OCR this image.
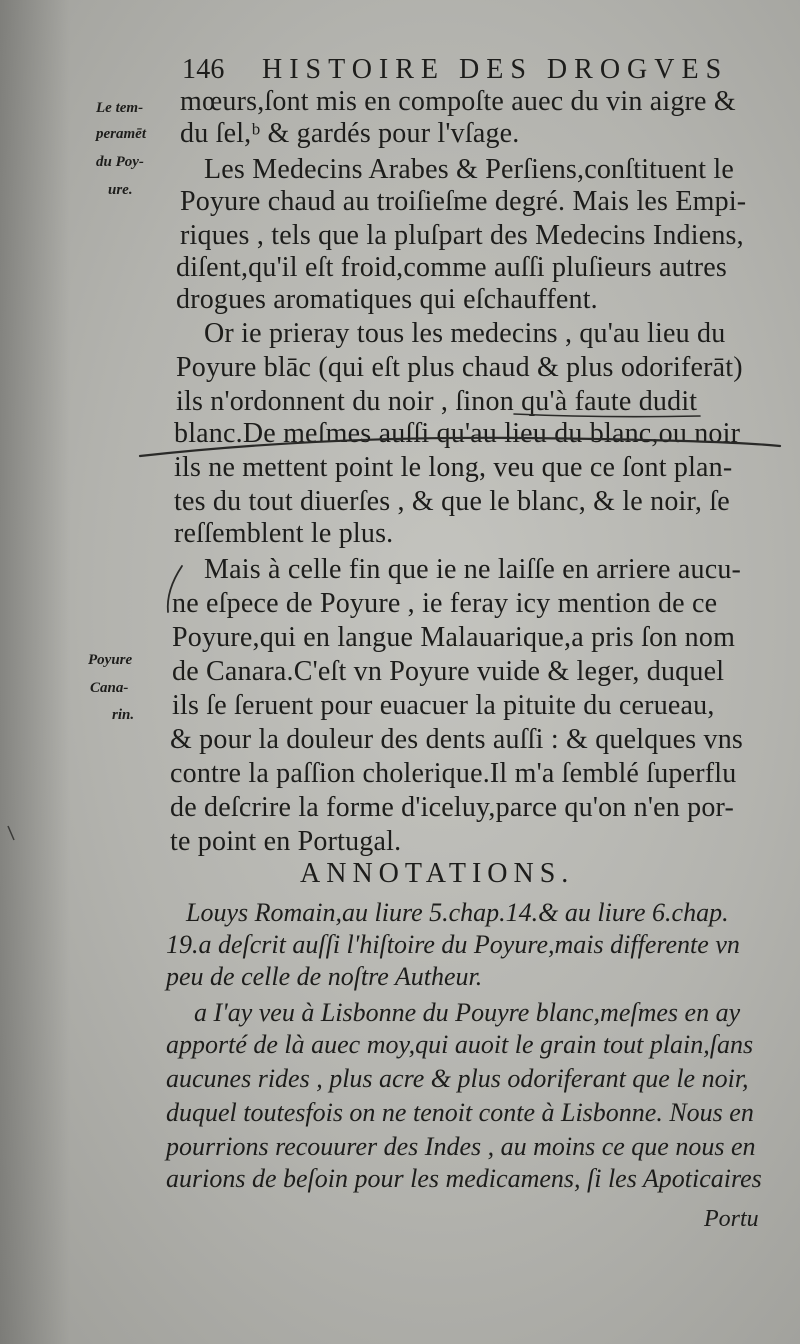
146 HISTOIRE DES DROGVES
Le tem-
peramēt
du Poy-
ure.
Poyure
Cana-
rin.
mœurs,ſont mis en compoſte auec du vin aigre &
du ſel,ᵇ & gardés pour l'vſage.
Les Medecins Arabes & Perſiens,conſtituent le
Poyure chaud au troiſieſme degré. Mais les Empi-
riques , tels que la pluſpart des Medecins Indiens,
diſent,qu'il eſt froid,comme auſſi pluſieurs autres
drogues aromatiques qui eſchauffent.
Or ie prieray tous les medecins , qu'au lieu du
Poyure blāc (qui eſt plus chaud & plus odoriferāt)
ils n'ordonnent du noir , ſinon qu'à faute dudit
blanc.De meſmes auſſi qu'au lieu du blanc,ou noir
ils ne mettent point le long, veu que ce ſont plan-
tes du tout diuerſes , & que le blanc, & le noir, ſe
reſſemblent le plus.
Mais à celle fin que ie ne laiſſe en arriere aucu-
ne eſpece de Poyure , ie feray icy mention de ce
Poyure,qui en langue Malauarique,a pris ſon nom
de Canara.C'eſt vn Poyure vuide & leger, duquel
ils ſe ſeruent pour euacuer la pituite du cerueau,
& pour la douleur des dents auſſi : & quelques vns
contre la paſſion cholerique.Il m'a ſemblé ſuperflu
de deſcrire la forme d'iceluy,parce qu'on n'en por-
te point en Portugal.
ANNOTATIONS.
Louys Romain,au liure 5.chap.14.& au liure 6.chap.
19.a deſcrit auſſi l'hiſtoire du Poyure,mais differente vn
peu de celle de noſtre Autheur.
a I'ay veu à Lisbonne du Pouyre blanc,meſmes en ay
apporté de là auec moy,qui auoit le grain tout plain,ſans
aucunes rides , plus acre & plus odoriferant que le noir,
duquel toutesfois on ne tenoit conte à Lisbonne. Nous en
pourrions recouurer des Indes , au moins ce que nous en
aurions de beſoin pour les medicamens, ſi les Apoticaires
Portu
